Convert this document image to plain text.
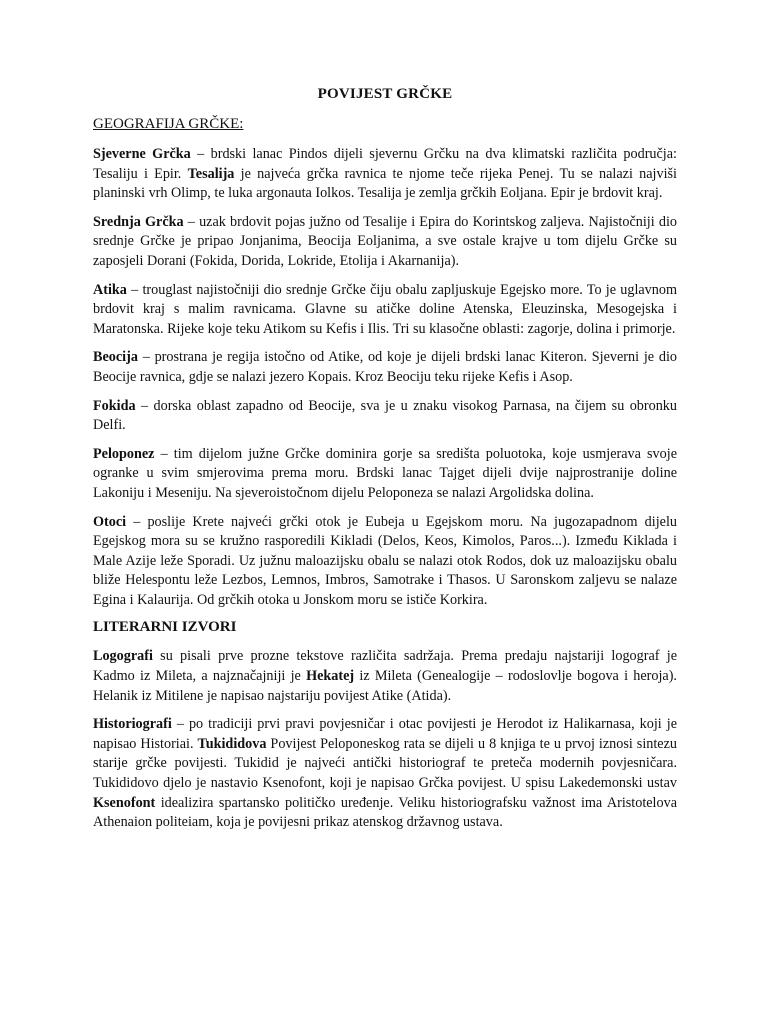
POVIJEST GRČKE
GEOGRAFIJA GRČKE:

Sjeverne Grčka – brdski lanac Pindos dijeli sjevernu Grčku na dva klimatski različita područja: Tesaliju i Epir. Tesalija je najveća grčka ravnica te njome teče rijeka Penej. Tu se nalazi najviši planinski vrh Olimp, te luka argonauta Iolkos. Tesalija je zemlja grčkih Eoljana. Epir je brdovit kraj.

Srednja Grčka – uzak brdovit pojas južno od Tesalije i Epira do Korintskog zaljeva. Najistočniji dio srednje Grčke je pripao Jonjanima, Beocija Eoljanima, a sve ostale krajve u tom dijelu Grčke su zaposjeli Dorani (Fokida, Dorida, Lokride, Etolija i Akarnanija).

Atika – trouglast najistočniji dio srednje Grčke čiju obalu zapljuskuje Egejsko more. To je uglavnom brdovit kraj s malim ravnicama. Glavne su atičke doline Atenska, Eleuzinska, Mesogejska i Maratonska. Rijeke koje teku Atikom su Kefis i Ilis. Tri su klasočne oblasti: zagorje, dolina i primorje.

Beocija – prostrana je regija istočno od Atike, od koje je dijeli brdski lanac Kiteron. Sjeverni je dio Beocije ravnica, gdje se nalazi jezero Kopais. Kroz Beociju teku rijeke Kefis i Asop.

Fokida – dorska oblast zapadno od Beocije, sva je u znaku visokog Parnasa, na čijem su obronku Delfi.

Peloponez – tim dijelom južne Grčke dominira gorje sa središta poluotoka, koje usmjerava svoje ogranke u svim smjerovima prema moru. Brdski lanac Tajget dijeli dvije najprostranije doline Lakoniju i Meseniju. Na sjeveroistočnom dijelu Peloponeza se nalazi Argolidska dolina.

Otoci – poslije Krete najveći grčki otok je Eubeja u Egejskom moru. Na jugozapadnom dijelu Egejskog mora su se kružno rasporedili Kikladi (Delos, Keos, Kimolos, Paros...). Između Kiklada i Male Azije leže Sporadi. Uz južnu maloazijsku obalu se nalazi otok Rodos, dok uz maloazijsku obalu bliže Helespontu leže Lezbos, Lemnos, Imbros, Samotrake i Thasos. U Saronskom zaljevu se nalaze Egina i Kalaurija. Od grčkih otoka u Jonskom moru se ističe Korkira.

LITERARNI IZVORI

Logografi su pisali prve prozne tekstove različita sadržaja. Prema predaju najstariji logograf je Kadmo iz Mileta, a najznačajniji je Hekatej iz Mileta (Genealogije – rodoslovlje bogova i heroja). Helanik iz Mitilene je napisao najstariju povijest Atike (Atida).

Historiografi – po tradiciji prvi pravi povjesničar i otac povijesti je Herodot iz Halikarnasa, koji je napisao Historiai. Tukididova Povijest Peloponeskog rata se dijeli u 8 knjiga te u prvoj iznosi sintezu starije grčke povijesti. Tukidid je najveći antički historiograf te preteča modernih povjesničara. Tukididovo djelo je nastavio Ksenofont, koji je napisao Grčka povijest. U spisu Lakedemonski ustav Ksenofont idealizira spartansko političko uređenje. Veliku historiografsku važnost ima Aristotelova Athenaion politeiam, koja je povijesni prikaz atenskog državnog ustava.
